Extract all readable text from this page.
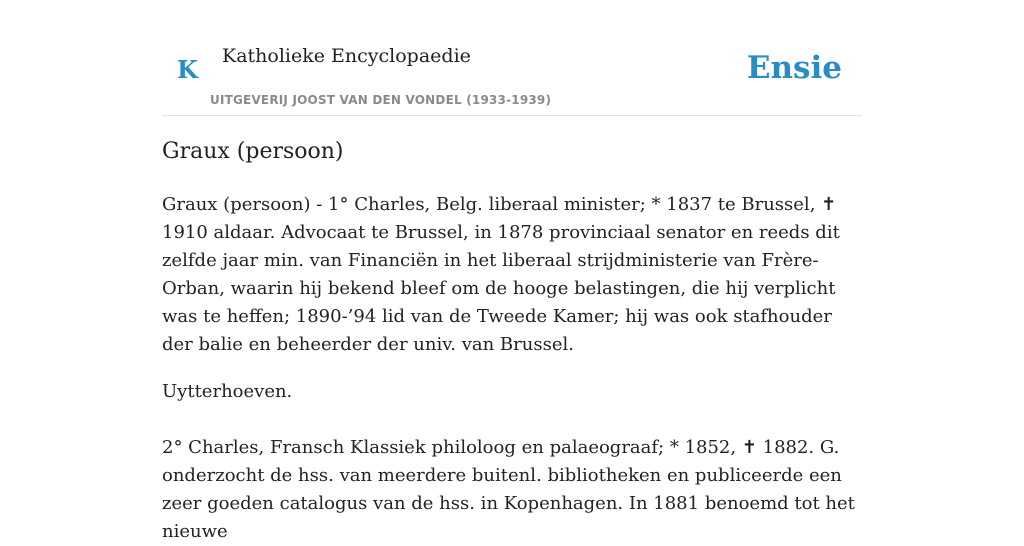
K Katholieke Encyclopaedie
UITGEVERIJ JOOST VAN DEN VONDEL (1933-1939)
Ensie
Graux (persoon)

Graux (persoon) - 1° Charles, Belg. liberaal minister; * 1837 te Brussel, ✝ 1910 aldaar. Advocaat te Brussel, in 1878 provinciaal senator en reeds dit zelfde jaar min. van Financiën in het liberaal strijdministerie van Frère-Orban, waarin hij bekend bleef om de hooge belastingen, die hij verplicht was te heffen; 1890-’94 lid van de Tweede Kamer; hij was ook stafhouder der balie en beheerder der univ. van Brussel.

Uytterhoeven.

2° Charles, Fransch Klassiek philoloog en palaeograaf; * 1852, ✝ 1882. G. onderzocht de hss. van meerdere buitenl. bibliotheken en publiceerde een zeer goeden catalogus van de hss. in Kopenhagen. In 1881 benoemd tot het nieuwe
